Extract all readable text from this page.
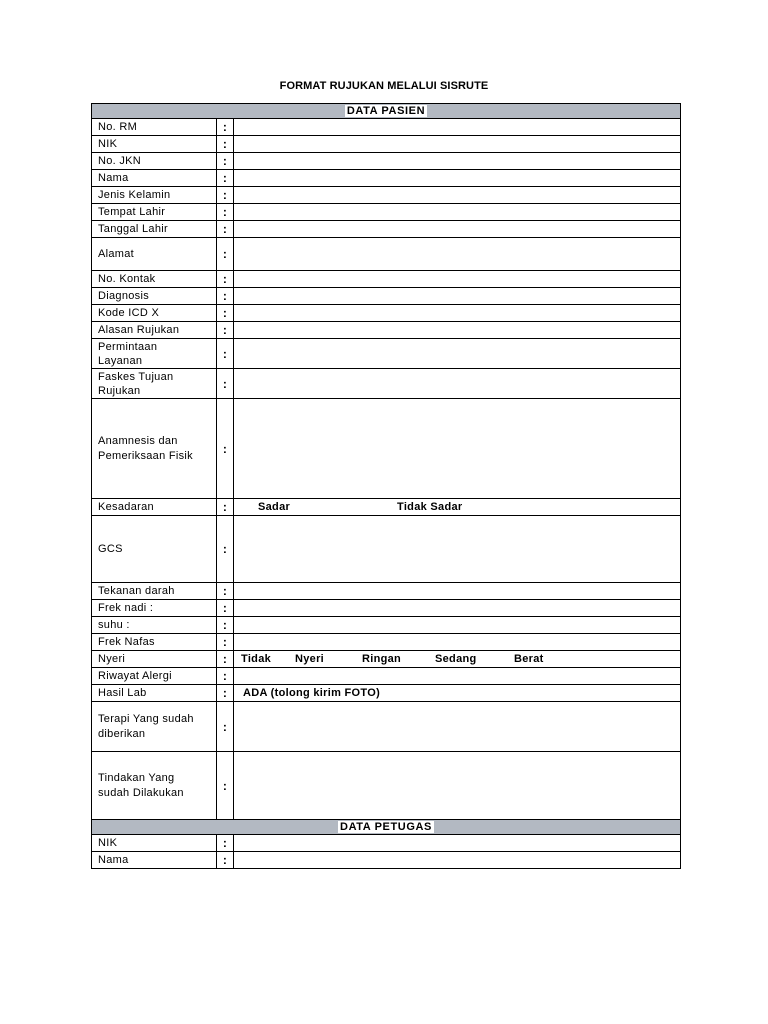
FORMAT RUJUKAN MELALUI SISRUTE
DATA PASIEN		
No. RM	:	
NIK	:	
No. JKN	:	
Nama	:	
Jenis Kelamin	:	
Tempat Lahir	:	
Tanggal Lahir	:	
Alamat	:	
No. Kontak	:	
Diagnosis	:	
Kode ICD X	:	
Alasan Rujukan	:	

Permintaan
Layanan	:	

Faskes Tujuan
Rujukan	:	

Anamnesis dan
Pemeriksaan Fisik	:	
Kesadaran	:	Sadar Tidak Sadar

GCS	:	
Tekanan darah	:	
Frek nadi :	:	
suhu :	:	
Frek Nafas	:	
Nyeri	:	Tidak Nyeri Ringan Sedang Berat

Riwayat Alergi	:	
Hasil Lab	:	ADA (tolong kirim FOTO)

Terapi Yang sudah
diberikan	:	

Tindakan Yang
sudah Dilakukan	:	
DATA PETUGAS		
NIK	:	
Nama	:	
